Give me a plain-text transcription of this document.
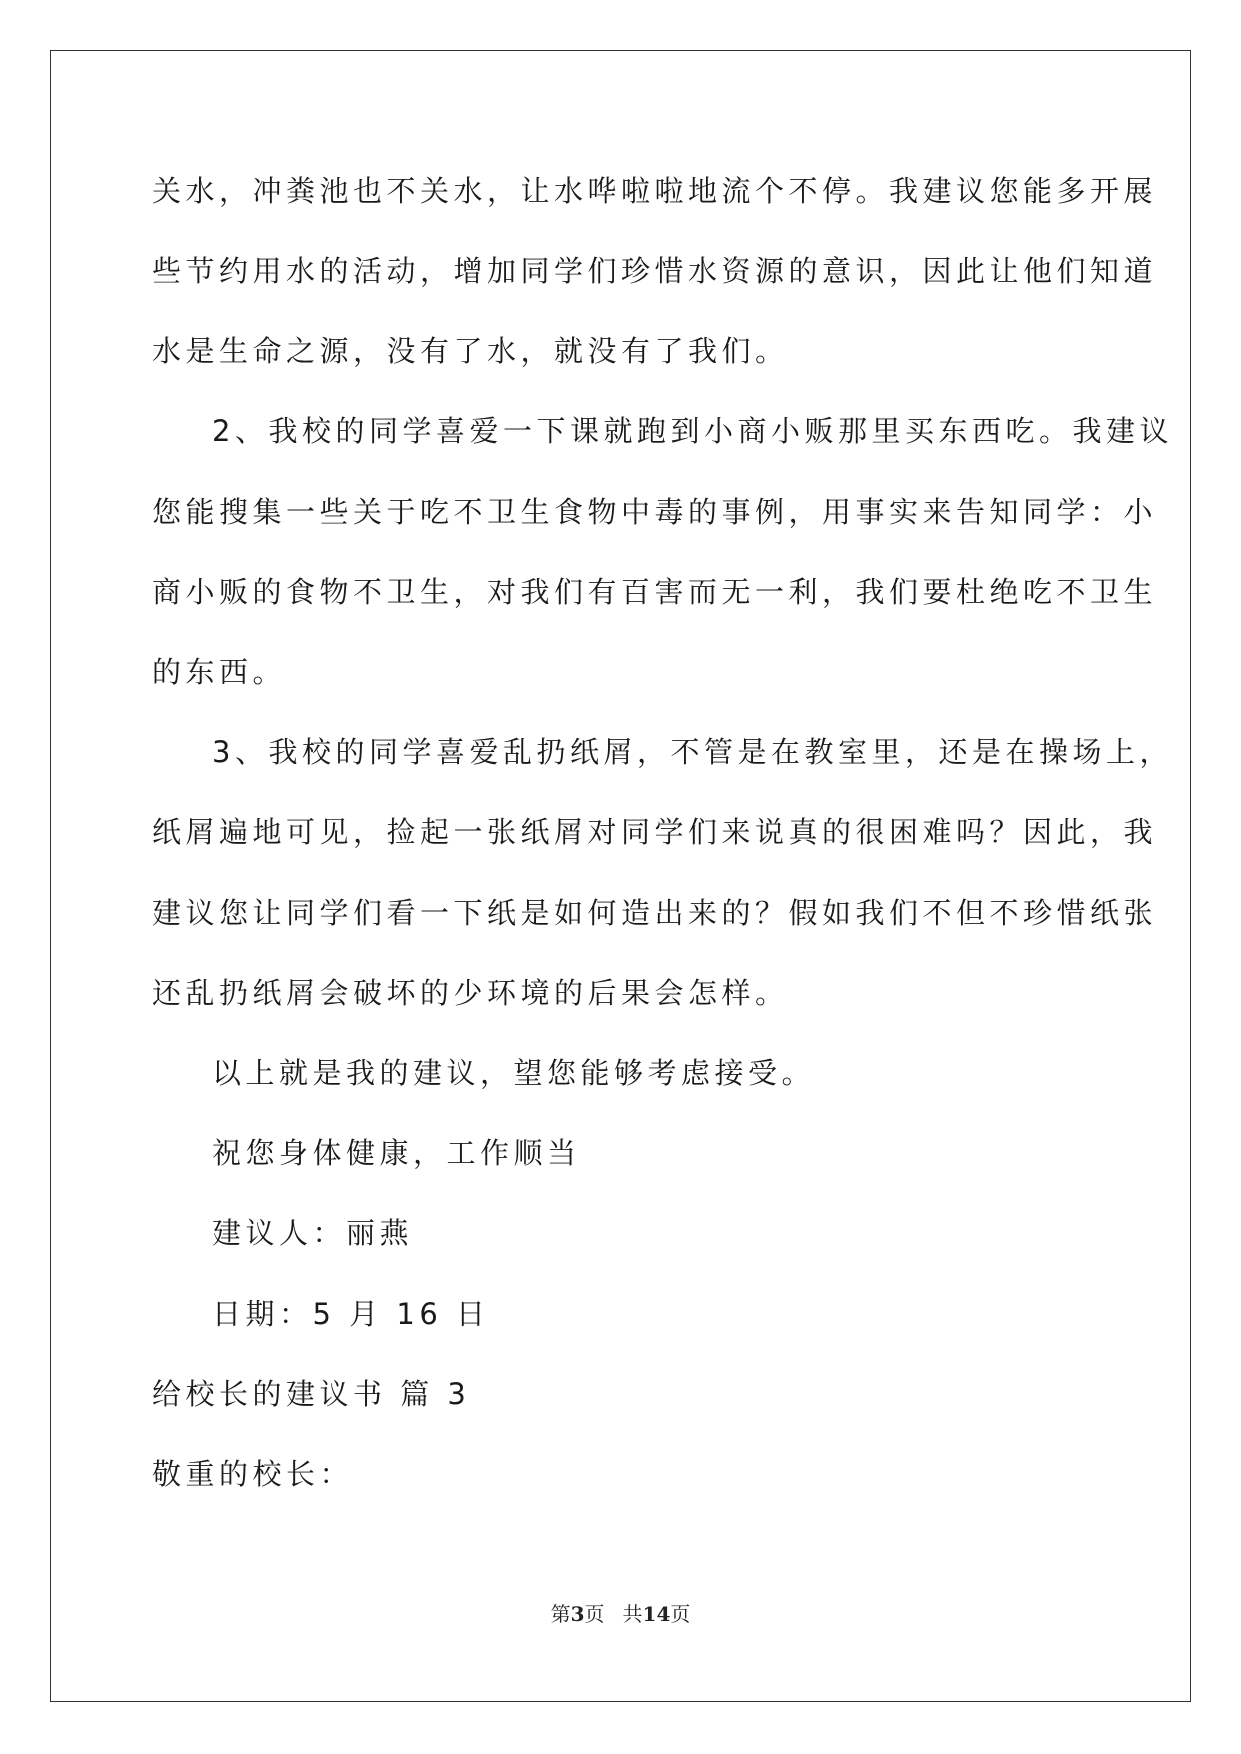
关水，冲粪池也不关水，让水哗啦啦地流个不停。我建议您能多开展
些节约用水的活动，增加同学们珍惜水资源的意识，因此让他们知道
水是生命之源，没有了水，就没有了我们。
2、我校的同学喜爱一下课就跑到小商小贩那里买东西吃。我建议
您能搜集一些关于吃不卫生食物中毒的事例，用事实来告知同学：小
商小贩的食物不卫生，对我们有百害而无一利，我们要杜绝吃不卫生
的东西。
3、我校的同学喜爱乱扔纸屑，不管是在教室里，还是在操场上，
纸屑遍地可见，捡起一张纸屑对同学们来说真的很困难吗？因此，我
建议您让同学们看一下纸是如何造出来的？假如我们不但不珍惜纸张
还乱扔纸屑会破坏的少环境的后果会怎样。
以上就是我的建议，望您能够考虑接受。
祝您身体健康，工作顺当
建议人：丽燕
日期：5 月 16 日
给校长的建议书 篇 3
敬重的校长：
第3页 共14页
